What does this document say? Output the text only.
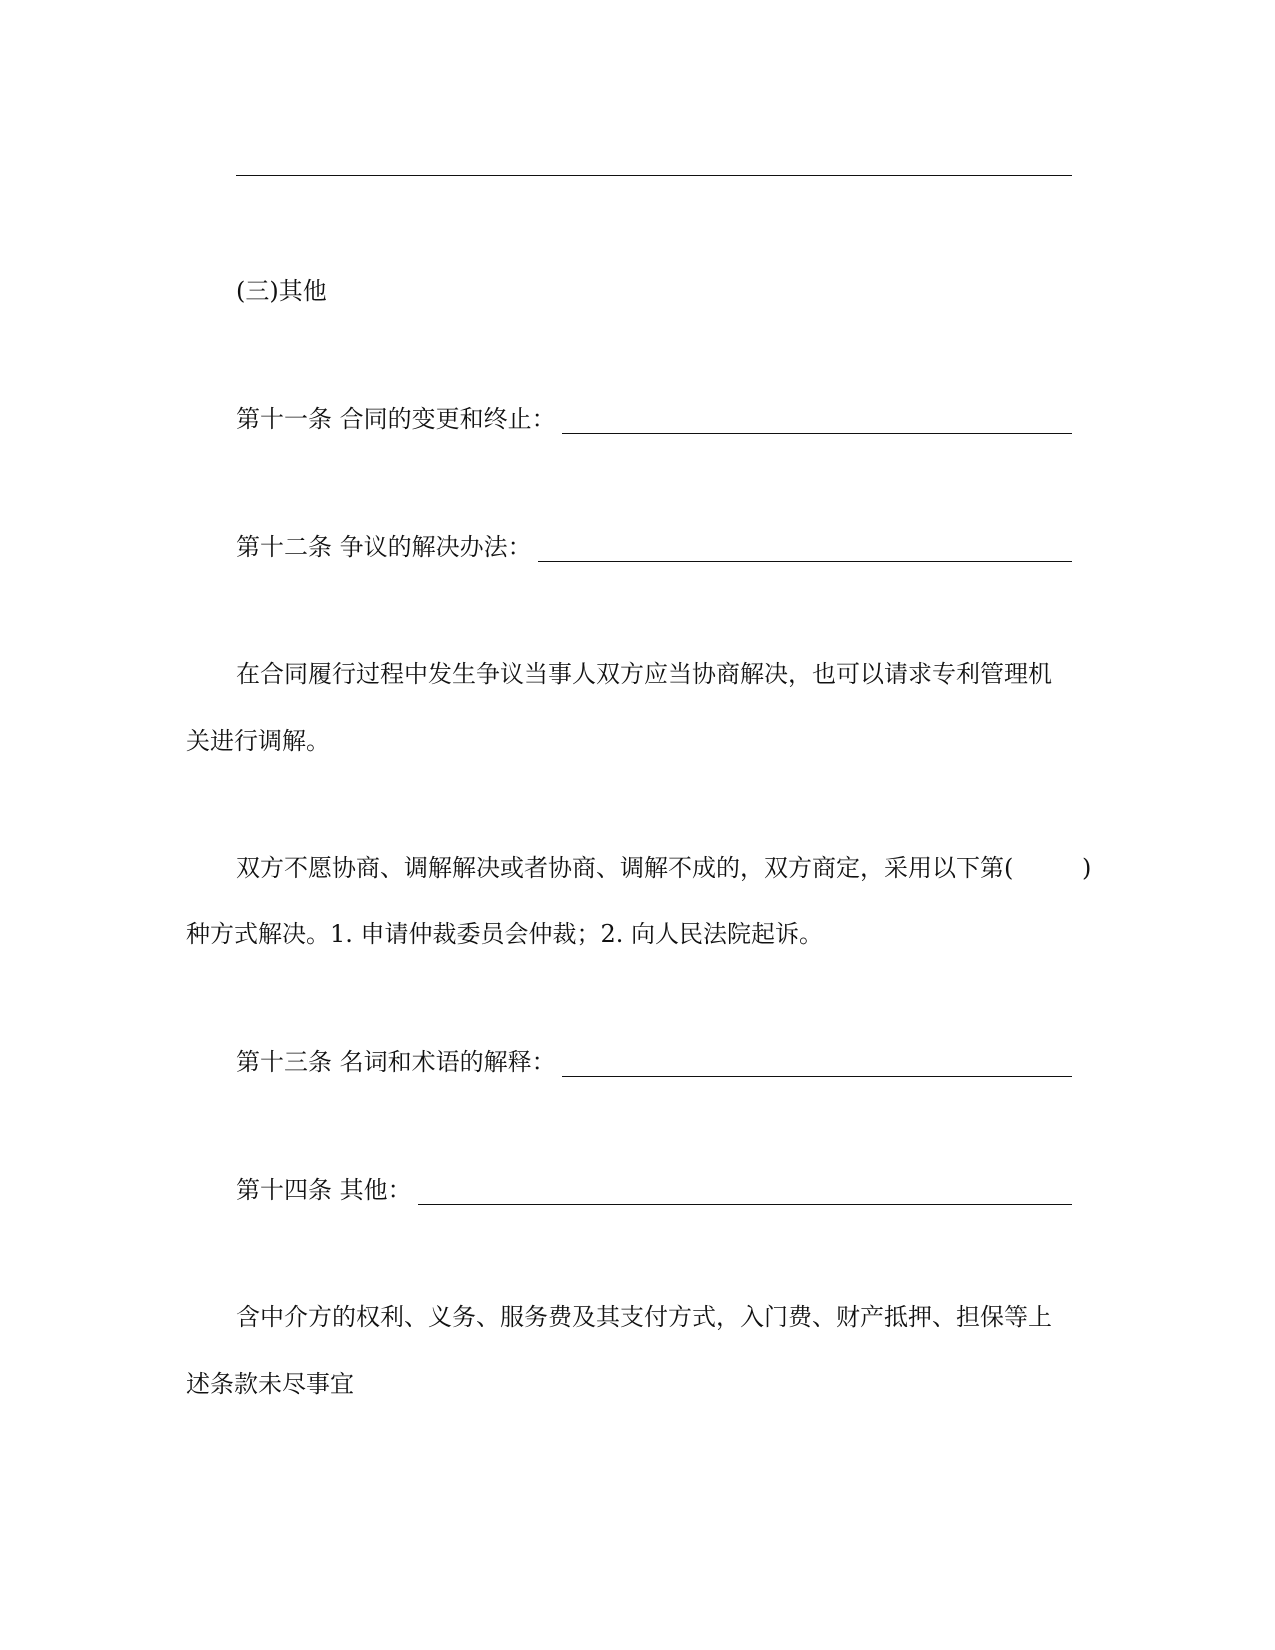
(三)其他
第十一条 合同的变更和终止：
第十二条 争议的解决办法：
在合同履行过程中发生争议当事人双方应当协商解决，也可以请求专利管理机
关进行调解。
双方不愿协商、调解解决或者协商、调解不成的，双方商定，采用以下第(	)
种方式解决。1. 申请仲裁委员会仲裁；2. 向人民法院起诉。
第十三条 名词和术语的解释：
第十四条 其他：
含中介方的权利、义务、服务费及其支付方式，入门费、财产抵押、担保等上
述条款未尽事宜
